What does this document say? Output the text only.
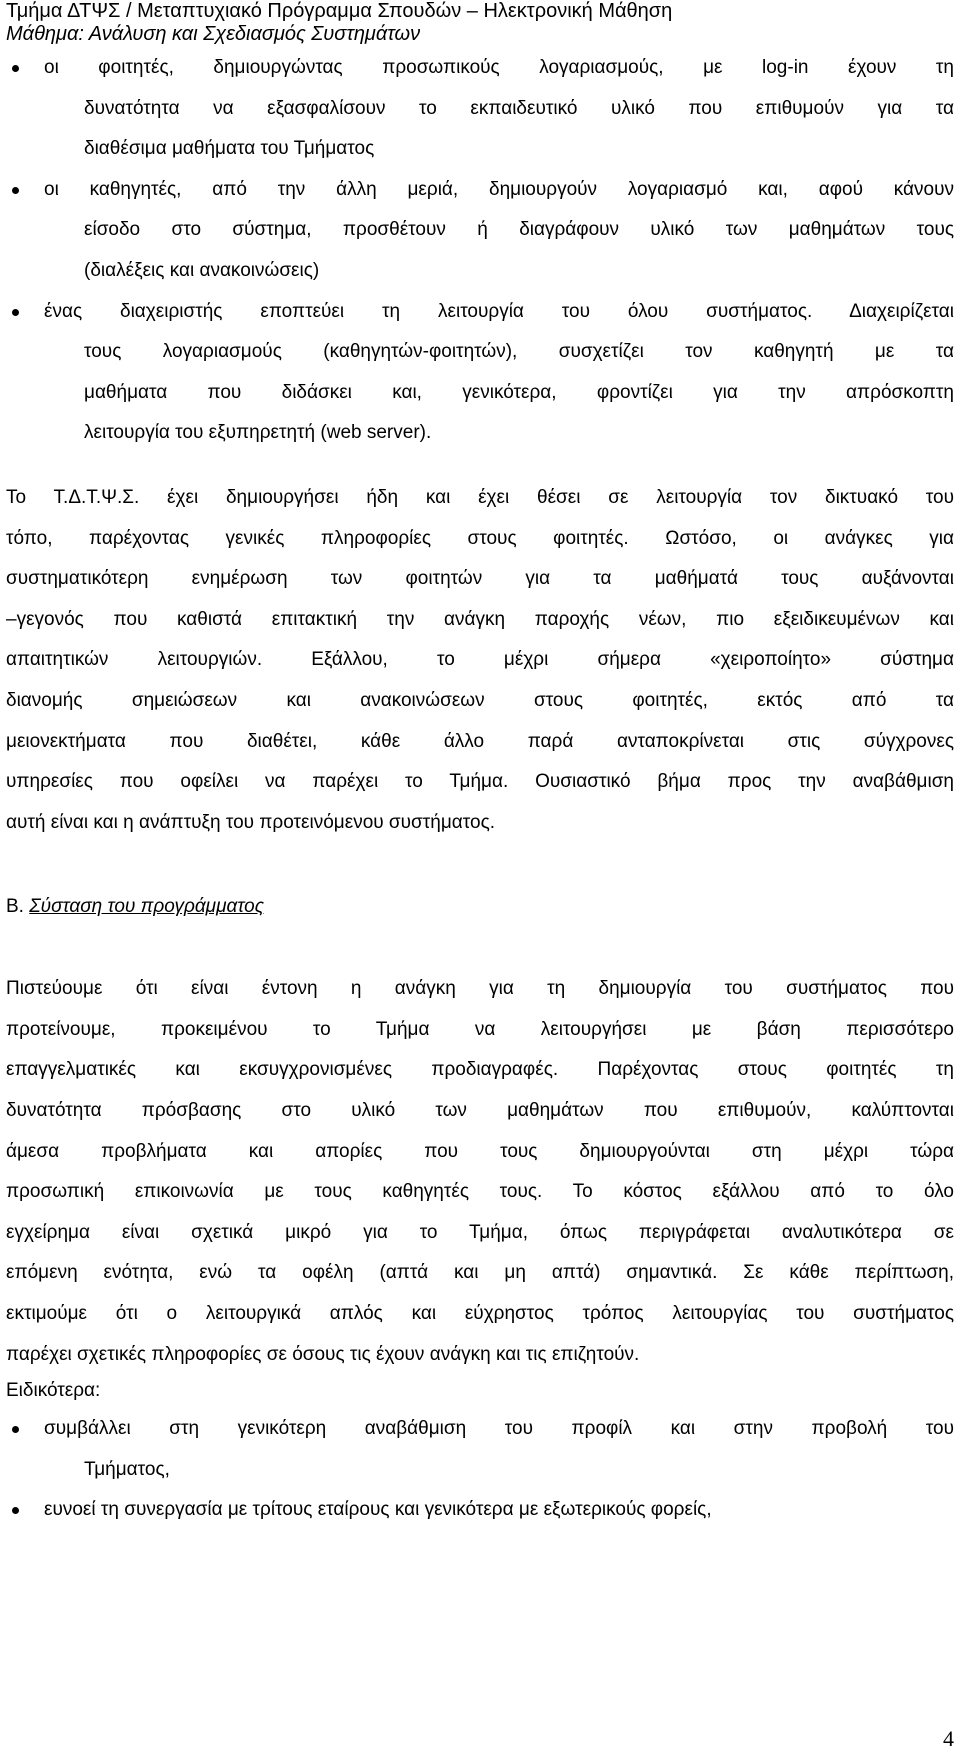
Τμήμα ΔΤΨΣ / Μεταπτυχιακό Πρόγραμμα Σπουδών – Ηλεκτρονική Μάθηση
Μάθημα: Ανάλυση και Σχεδιασμός Συστημάτων
οι φοιτητές, δημιουργώντας προσωπικούς λογαριασμούς, με log-in έχουν τη
δυνατότητα να εξασφαλίσουν το εκπαιδευτικό υλικό που επιθυμούν για τα
διαθέσιμα μαθήματα του Τμήματος
οι καθηγητές, από την άλλη μεριά, δημιουργούν λογαριασμό και, αφού κάνουν
είσοδο στο σύστημα, προσθέτουν ή διαγράφουν υλικό των μαθημάτων τους
(διαλέξεις και ανακοινώσεις)
ένας διαχειριστής εποπτεύει τη λειτουργία του όλου συστήματος. Διαχειρίζεται
τους λογαριασμούς (καθηγητών-φοιτητών), συσχετίζει τον καθηγητή με τα
μαθήματα που διδάσκει και, γενικότερα, φροντίζει για την απρόσκοπτη
λειτουργία του εξυπηρετητή (web server).
Το Τ.Δ.Τ.Ψ.Σ. έχει δημιουργήσει ήδη και έχει θέσει σε λειτουργία τον δικτυακό του
τόπο, παρέχοντας γενικές πληροφορίες στους φοιτητές. Ωστόσο, οι ανάγκες για
συστηματικότερη ενημέρωση των φοιτητών για τα μαθήματά τους αυξάνονται
–γεγονός που καθιστά επιτακτική την ανάγκη παροχής νέων, πιο εξειδικευμένων και
απαιτητικών λειτουργιών. Εξάλλου, το μέχρι σήμερα «χειροποίητο» σύστημα
διανομής σημειώσεων και ανακοινώσεων στους φοιτητές, εκτός από τα
μειονεκτήματα που διαθέτει, κάθε άλλο παρά ανταποκρίνεται στις σύγχρονες
υπηρεσίες που οφείλει να παρέχει το Τμήμα. Ουσιαστικό βήμα προς την αναβάθμιση
αυτή είναι και η ανάπτυξη του προτεινόμενου συστήματος.
Β. Σύσταση του προγράμματος
Πιστεύουμε ότι είναι έντονη η ανάγκη για τη δημιουργία του συστήματος που
προτείνουμε, προκειμένου το Τμήμα να λειτουργήσει με βάση περισσότερο
επαγγελματικές και εκσυγχρονισμένες προδιαγραφές. Παρέχοντας στους φοιτητές τη
δυνατότητα πρόσβασης στο υλικό των μαθημάτων που επιθυμούν, καλύπτονται
άμεσα προβλήματα και απορίες που τους δημιουργούνται στη μέχρι τώρα
προσωπική επικοινωνία με τους καθηγητές τους. Το κόστος εξάλλου από το όλο
εγχείρημα είναι σχετικά μικρό για το Τμήμα, όπως περιγράφεται αναλυτικότερα σε
επόμενη ενότητα, ενώ τα οφέλη (απτά και μη απτά) σημαντικά. Σε κάθε περίπτωση,
εκτιμούμε ότι ο λειτουργικά απλός και εύχρηστος τρόπος λειτουργίας του συστήματος
παρέχει σχετικές πληροφορίες σε όσους τις έχουν ανάγκη και τις επιζητούν.
Ειδικότερα:
συμβάλλει στη γενικότερη αναβάθμιση του προφίλ και στην προβολή του
Τμήματος,
ευνοεί τη συνεργασία με τρίτους εταίρους και γενικότερα με εξωτερικούς φορείς,
4
